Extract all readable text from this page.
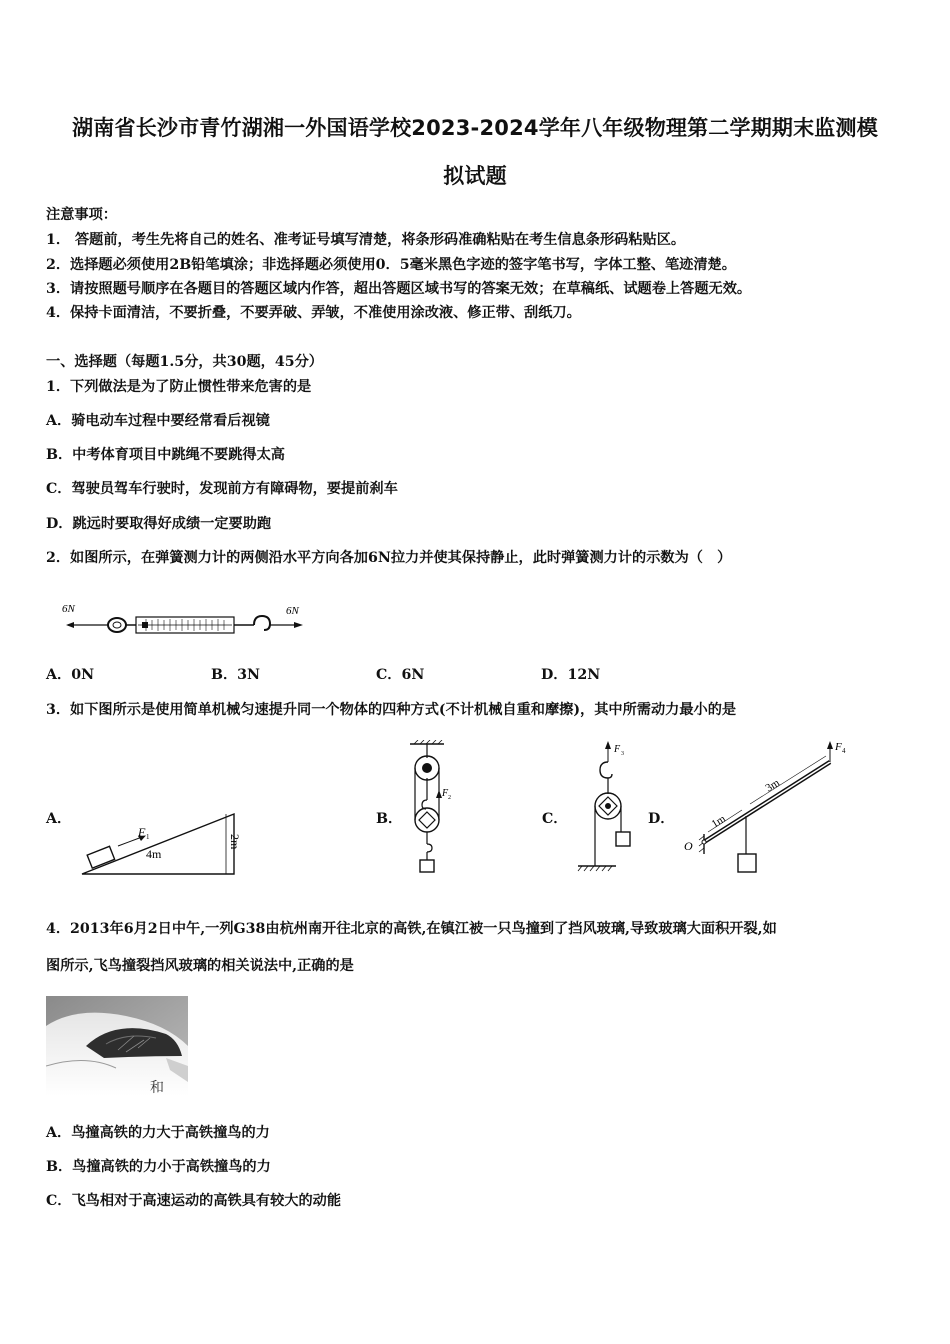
湖南省长沙市青竹湖湘一外国语学校2023-2024学年八年级物理第二学期期末监测模
拟试题
注意事项：
1． 答题前，考生先将自己的姓名、准考证号填写清楚，将条形码准确粘贴在考生信息条形码粘贴区。
2．选择题必须使用2B铅笔填涂；非选择题必须使用0．5毫米黑色字迹的签字笔书写，字体工整、笔迹清楚。
3．请按照题号顺序在各题目的答题区域内作答，超出答题区域书写的答案无效；在草稿纸、试题卷上答题无效。
4．保持卡面清洁，不要折叠，不要弄破、弄皱，不准使用涂改液、修正带、刮纸刀。
一、选择题（每题1.5分，共30题，45分）
1．下列做法是为了防止惯性带来危害的是
A．骑电动车过程中要经常看后视镜
B．中考体育项目中跳绳不要跳得太高
C．驾驶员驾车行驶时，发现前方有障碍物，要提前刹车
D．跳远时要取得好成绩一定要助跑
2．如图所示，在弹簧测力计的两侧沿水平方向各加6N拉力并使其保持静止，此时弹簧测力计的示数为（　）
6N	6N
A．0N	B．3N	C．6N	D．12N
3．如下图所示是使用简单机械匀速提升同一个物体的四种方式(不计机械自重和摩擦)，其中所需动力最小的是
A．	B．	C．	D．
F 1
4m
2m
F 2
F 3
F 4
O
1m
3m
4．2013年6月2日中午,一列G38由杭州南开往北京的高铁,在镇江被一只鸟撞到了挡风玻璃,导致玻璃大面积开裂,如
图所示,飞鸟撞裂挡风玻璃的相关说法中,正确的是
和
A．鸟撞高铁的力大于高铁撞鸟的力
B．鸟撞高铁的力小于高铁撞鸟的力
C．飞鸟相对于高速运动的高铁具有较大的动能
